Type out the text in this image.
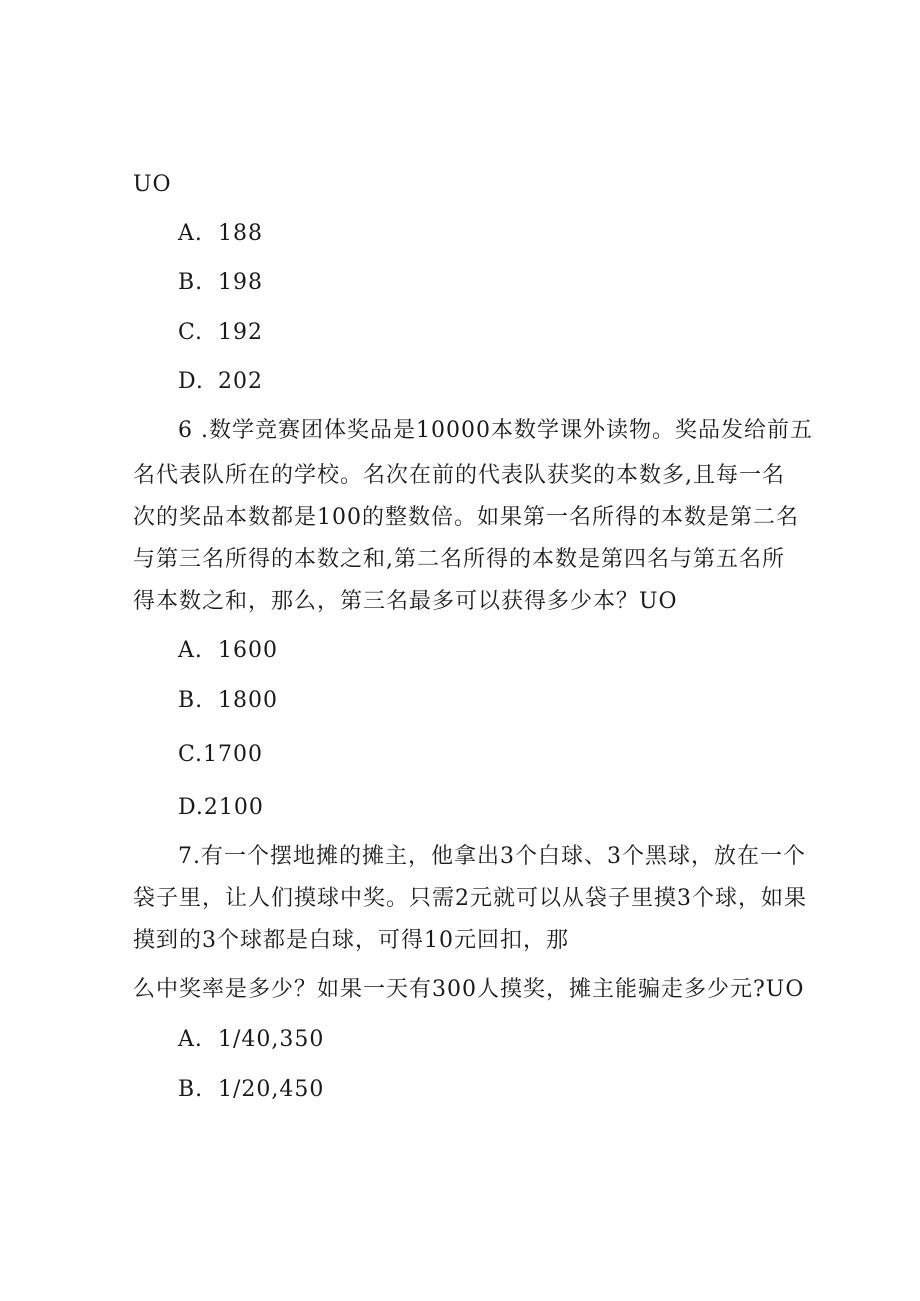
UO
A. 188
B. 198
C. 192
D. 202
6 .数学竞赛团体奖品是10000本数学课外读物。奖品发给前五
名代表队所在的学校。名次在前的代表队获奖的本数多,且每一名
次的奖品本数都是100的整数倍。如果第一名所得的本数是第二名
与第三名所得的本数之和,第二名所得的本数是第四名与第五名所
得本数之和，那么，第三名最多可以获得多少本？UO
A. 1600
B. 1800
C.1700
D.2100
7.有一个摆地摊的摊主，他拿出3个白球、3个黑球，放在一个
袋子里，让人们摸球中奖。只需2元就可以从袋子里摸3个球，如果
摸到的3个球都是白球，可得10元回扣，那
么中奖率是多少？如果一天有300人摸奖，摊主能骗走多少元?UO
A. 1/40,350
B. 1/20,450
